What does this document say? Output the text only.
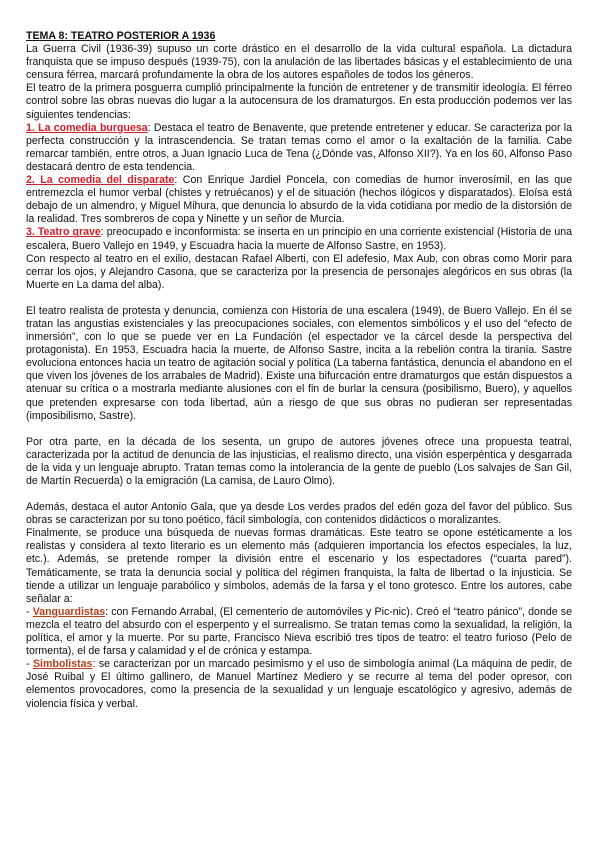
TEMA 8: TEATRO POSTERIOR A 1936

La Guerra Civil (1936-39) supuso un corte drástico en el desarrollo de la vida cultural española. La dictadura franquista que se impuso después (1939-75), con la anulación de las libertades básicas y el establecimiento de una censura férrea, marcará profundamente la obra de los autores españoles de todos los géneros.

El teatro de la primera posguerra cumplió principalmente la función de entretener y de transmitir ideología. El férreo control sobre las obras nuevas dio lugar a la autocensura de los dramaturgos. En esta producción podemos ver las siguientes tendencias:

1. La comedia burguesa: Destaca el teatro de Benavente, que pretende entretener y educar. Se caracteriza por la perfecta construcción y la intrascendencia. Se tratan temas como el amor o la exaltación de la familia. Cabe remarcar también, entre otros, a Juan Ignacio Luca de Tena (¿Dónde vas, Alfonso XII?). Ya en los 60, Alfonso Paso destacará dentro de esta tendencia.

2. La comedia del disparate: Con Enrique Jardiel Poncela, con comedias de humor inverosímil, en las que entremezcla el humor verbal (chistes y retruécanos) y el de situación (hechos ilógicos y disparatados). Eloísa está debajo de un almendro, y Miguel Mihura, que denuncia lo absurdo de la vida cotidiana por medio de la distorsión de la realidad. Tres sombreros de copa y Ninette y un señor de Murcia.

3. Teatro grave: preocupado e inconformista: se inserta en un principio en una corriente existencial (Historia de una escalera, Buero Vallejo en 1949, y Escuadra hacia la muerte de Alfonso Sastre, en 1953).

Con respecto al teatro en el exilio, destacan Rafael Alberti, con El adefesio, Max Aub, con obras como Morir para cerrar los ojos, y Alejandro Casona, que se caracteriza por la presencia de personajes alegóricos en sus obras (la Muerte en La dama del alba).

El teatro realista de protesta y denuncia, comienza con Historia de una escalera (1949), de Buero Vallejo. En él se tratan las angustias existenciales y las preocupaciones sociales, con elementos simbólicos y el uso del “efecto de inmersión”, con lo que se puede ver en La Fundación (el espectador ve la cárcel desde la perspectiva del protagonista). En 1953, Escuadra hacia la muerte, de Alfonso Sastre, incita a la rebelión contra la tiranía. Sastre evoluciona entonces hacia un teatro de agitación social y política (La taberna fantástica, denuncia el abandono en el que viven los jóvenes de los arrabales de Madrid). Existe una bifurcación entre dramaturgos que están dispuestos a atenuar su crítica o a mostrarla mediante alusiones con el fin de burlar la censura (posibilismo, Buero), y aquellos que pretenden expresarse con toda libertad, aún a riesgo de que sus obras no pudieran ser representadas (imposibilismo, Sastre).

Por otra parte, en la década de los sesenta, un grupo de autores jóvenes ofrece una propuesta teatral, caracterizada por la actitud de denuncia de las injusticias, el realismo directo, una visión esperpéntica y desgarrada de la vida y un lenguaje abrupto. Tratan temas como la intolerancia de la gente de pueblo (Los salvajes de San Gil, de Martín Recuerda) o la emigración (La camisa, de Lauro Olmo).

Además, destaca el autor Antonio Gala, que ya desde Los verdes prados del edén goza del favor del público. Sus obras se caracterizan por su tono poético, fácil simbología, con contenidos didácticos o moralizantes.

Finalmente, se produce una búsqueda de nuevas formas dramáticas. Este teatro se opone estéticamente a los realistas y considera al texto literario es un elemento más (adquieren importancia los efectos especiales, la luz, etc.). Además, se pretende romper la división entre el escenario y los espectadores (“cuarta pared”). Temáticamente, se trata la denuncia social y política del régimen franquista, la falta de libertad o la injusticia. Se tiende a utilizar un lenguaje parabólico y símbolos, además de la farsa y el tono grotesco. Entre los autores, cabe señalar a:

- Vanguardistas: con Fernando Arrabal, (El cementerio de automóviles y Pic-nic). Creó el “teatro pánico”, donde se mezcla el teatro del absurdo con el esperpento y el surrealismo. Se tratan temas como la sexualidad, la religión, la política, el amor y la muerte. Por su parte, Francisco Nieva escribió tres tipos de teatro: el teatro furioso (Pelo de tormenta), el de farsa y calamidad y el de crónica y estampa.

- Simbolistas: se caracterizan por un marcado pesimismo y el uso de simbología animal (La máquina de pedir, de José Ruibal y El último gallinero, de Manuel Martínez Mediero y se recurre al tema del poder opresor, con elementos provocadores, como la presencia de la sexualidad y un lenguaje escatológico y agresivo, además de violencia física y verbal.
